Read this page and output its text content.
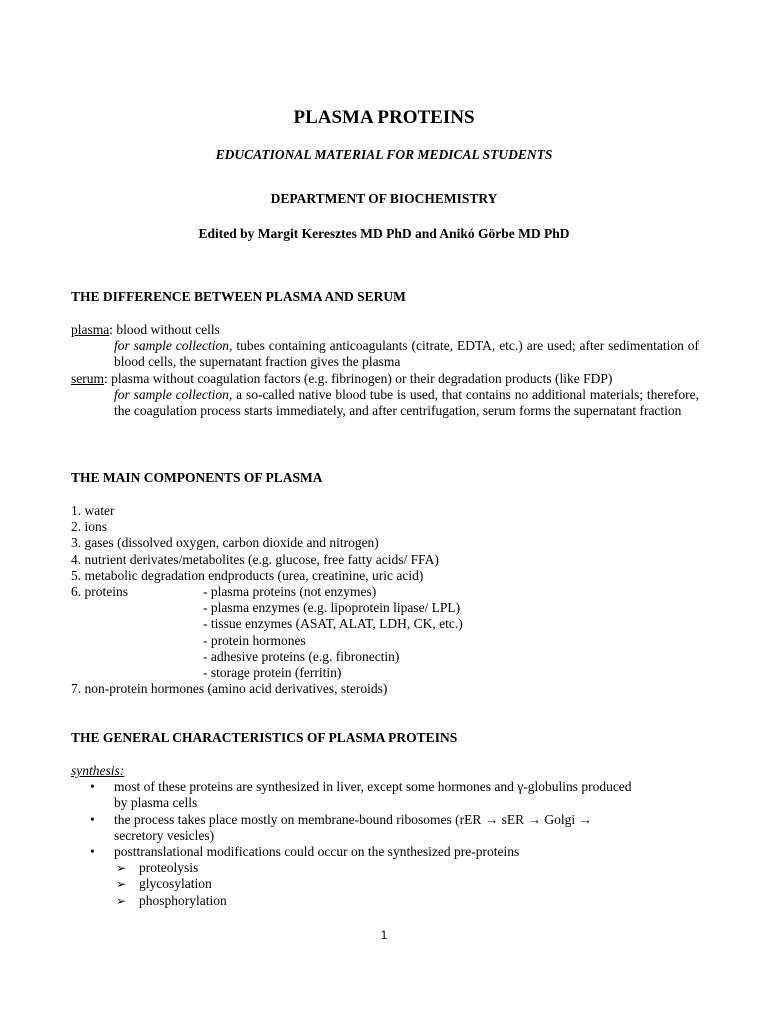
PLASMA PROTEINS
EDUCATIONAL MATERIAL FOR MEDICAL STUDENTS
DEPARTMENT OF BIOCHEMISTRY
Edited by Margit Keresztes MD PhD and Anikó Görbe MD PhD
THE DIFFERENCE BETWEEN PLASMA AND SERUM
plasma: blood without cells
for sample collection, tubes containing anticoagulants (citrate, EDTA, etc.) are used; after sedimentation of blood cells, the supernatant fraction gives the plasma
serum: plasma without coagulation factors (e.g. fibrinogen) or their degradation products (like FDP)
for sample collection, a so-called native blood tube is used, that contains no additional materials; therefore, the coagulation process starts immediately, and after centrifugation, serum forms the supernatant fraction
THE MAIN COMPONENTS OF PLASMA
1. water
2. ions
3. gases (dissolved oxygen, carbon dioxide and nitrogen)
4. nutrient derivates/metabolites (e.g. glucose, free fatty acids/ FFA)
5. metabolic degradation endproducts (urea, creatinine, uric acid)
6. proteins	- plasma proteins (not enzymes)
- plasma enzymes (e.g. lipoprotein lipase/ LPL)
- tissue enzymes (ASAT, ALAT, LDH, CK, etc.)
- protein hormones
- adhesive proteins (e.g. fibronectin)
- storage protein (ferritin)
7. non-protein hormones (amino acid derivatives, steroids)
THE GENERAL CHARACTERISTICS OF PLASMA PROTEINS
synthesis:
• most of these proteins are synthesized in liver, except some hormones and γ-globulins produced
by plasma cells
• the process takes place mostly on membrane-bound ribosomes (rER → sER → Golgi →
secretory vesicles)
• posttranslational modifications could occur on the synthesized pre-proteins
➢ proteolysis
➢ glycosylation
➢ phosphorylation
1
